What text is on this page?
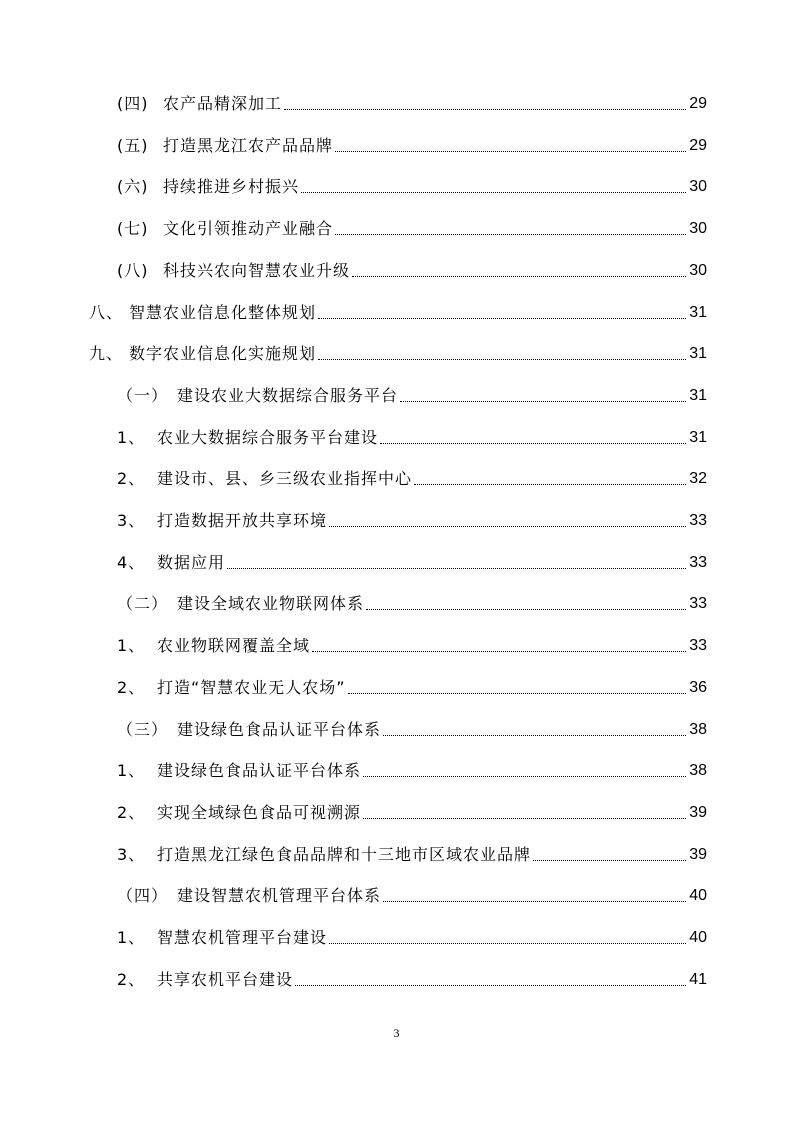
(四) 农产品精深加工	29
(五) 打造黑龙江农产品品牌	29
(六) 持续推进乡村振兴	30
(七) 文化引领推动产业融合	30
(八) 科技兴农向智慧农业升级	30
八、 智慧农业信息化整体规划	31
九、 数字农业信息化实施规划	31
（一） 建设农业大数据综合服务平台	31
1、 农业大数据综合服务平台建设	31
2、 建设市、县、乡三级农业指挥中心	32
3、 打造数据开放共享环境	33
4、 数据应用	33
（二） 建设全域农业物联网体系	33
1、 农业物联网覆盖全域	33
2、 打造“智慧农业无人农场”	36
（三） 建设绿色食品认证平台体系	38
1、 建设绿色食品认证平台体系	38
2、 实现全域绿色食品可视溯源	39
3、 打造黑龙江绿色食品品牌和十三地市区域农业品牌	39
（四） 建设智慧农机管理平台体系	40
1、 智慧农机管理平台建设	40
2、 共享农机平台建设	41
3
